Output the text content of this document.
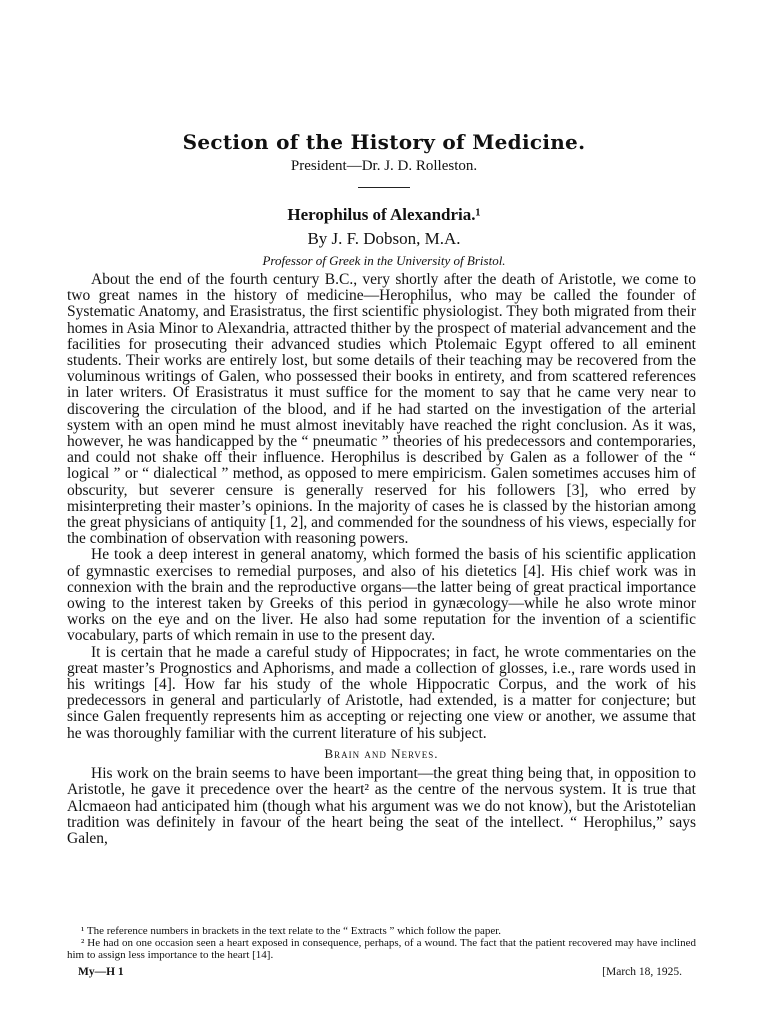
Section of the History of Medicine.
President—Dr. J. D. Rolleston.
Herophilus of Alexandria.¹
By J. F. Dobson, M.A.
Professor of Greek in the University of Bristol.

About the end of the fourth century B.C., very shortly after the death of Aristotle, we come to two great names in the history of medicine—Herophilus, who may be called the founder of Systematic Anatomy, and Erasistratus, the first scientific physiologist. They both migrated from their homes in Asia Minor to Alexandria, attracted thither by the prospect of material advancement and the facilities for prosecuting their advanced studies which Ptolemaic Egypt offered to all eminent students. Their works are entirely lost, but some details of their teaching may be recovered from the voluminous writings of Galen, who possessed their books in entirety, and from scattered references in later writers. Of Erasistratus it must suffice for the moment to say that he came very near to discovering the circulation of the blood, and if he had started on the investigation of the arterial system with an open mind he must almost inevitably have reached the right conclusion. As it was, however, he was handicapped by the “ pneumatic ” theories of his predecessors and contemporaries, and could not shake off their influence. Herophilus is described by Galen as a follower of the “ logical ” or “ dialectical ” method, as opposed to mere empiricism. Galen sometimes accuses him of obscurity, but severer censure is generally reserved for his followers [3], who erred by misinterpreting their master’s opinions. In the majority of cases he is classed by the historian among the great physicians of antiquity [1, 2], and commended for the soundness of his views, especially for the combination of observation with reasoning powers.

He took a deep interest in general anatomy, which formed the basis of his scientific application of gymnastic exercises to remedial purposes, and also of his dietetics [4]. His chief work was in connexion with the brain and the reproductive organs—the latter being of great practical importance owing to the interest taken by Greeks of this period in gynæcology—while he also wrote minor works on the eye and on the liver. He also had some reputation for the invention of a scientific vocabulary, parts of which remain in use to the present day.

It is certain that he made a careful study of Hippocrates; in fact, he wrote commentaries on the great master’s Prognostics and Aphorisms, and made a collection of glosses, i.e., rare words used in his writings [4]. How far his study of the whole Hippocratic Corpus, and the work of his predecessors in general and particularly of Aristotle, had extended, is a matter for conjecture; but since Galen frequently represents him as accepting or rejecting one view or another, we assume that he was thoroughly familiar with the current literature of his subject.

Brain and Nerves.

His work on the brain seems to have been important—the great thing being that, in opposition to Aristotle, he gave it precedence over the heart² as the centre of the nervous system. It is true that Alcmaeon had anticipated him (though what his argument was we do not know), but the Aristotelian tradition was definitely in favour of the heart being the seat of the intellect. “ Herophilus,” says Galen,

¹ The reference numbers in brackets in the text relate to the “ Extracts ” which follow the paper.

² He had on one occasion seen a heart exposed in consequence, perhaps, of a wound. The fact that the patient recovered may have inclined him to assign less importance to the heart [14].

My—H 1	[March 18, 1925.
